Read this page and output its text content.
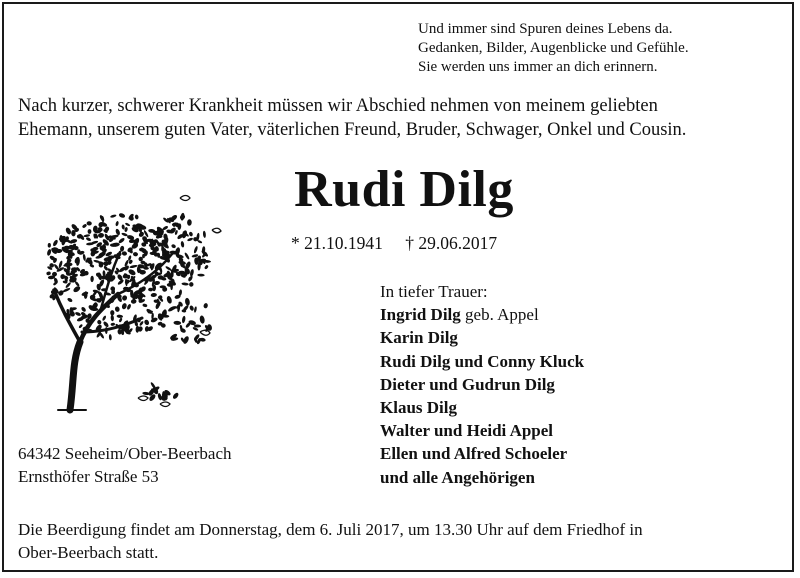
Und immer sind Spuren deines Lebens da.
Gedanken, Bilder, Augenblicke und Gefühle.
Sie werden uns immer an dich erinnern.
Nach kurzer, schwerer Krankheit müssen wir Abschied nehmen von meinem geliebten
Ehemann, unserem guten Vater, väterlichen Freund, Bruder, Schwager, Onkel und Cousin.
Rudi Dilg
* 21.10.1941 † 29.06.2017
In tiefer Trauer:
Ingrid Dilg geb. Appel
Karin Dilg
Rudi Dilg und Conny Kluck
Dieter und Gudrun Dilg
Klaus Dilg
Walter und Heidi Appel
Ellen und Alfred Schoeler
und alle Angehörigen
64342 Seeheim/Ober-Beerbach
Ernsthöfer Straße 53
Die Beerdigung findet am Donnerstag, dem 6. Juli 2017, um 13.30 Uhr auf dem Friedhof in
Ober-Beerbach statt.
